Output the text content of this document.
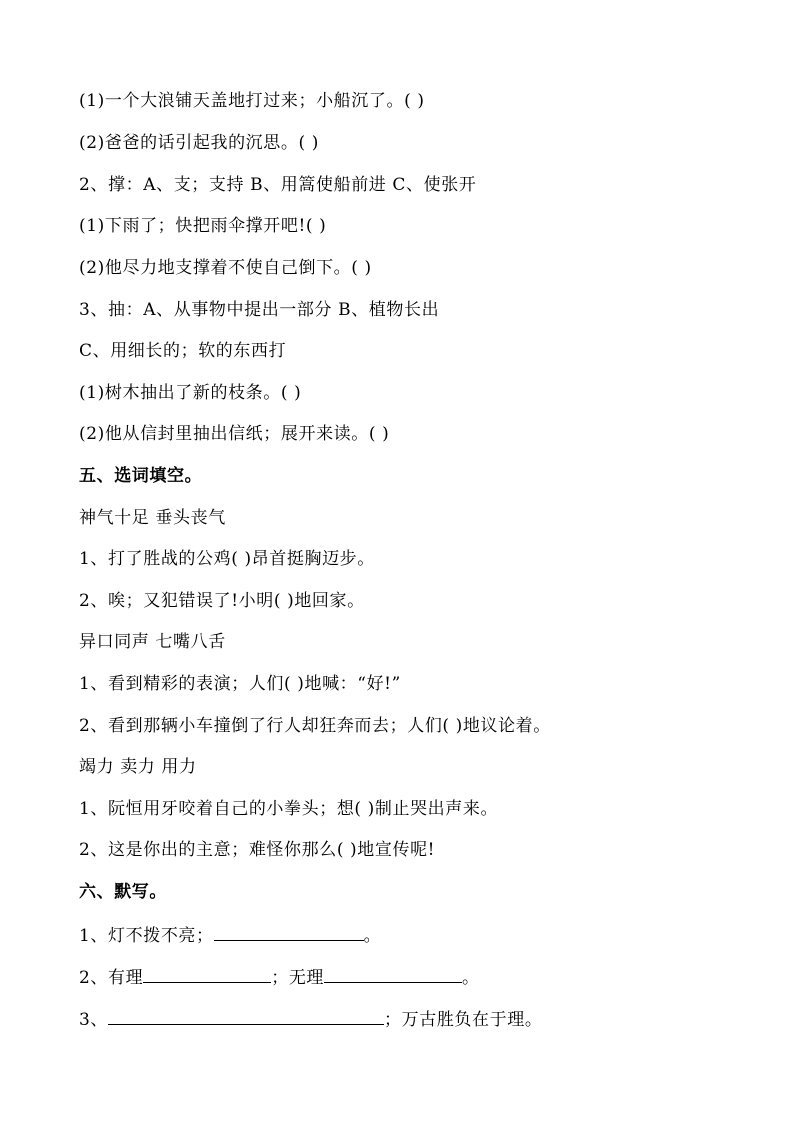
(1)一个大浪铺天盖地打过来；小船沉了。( )
(2)爸爸的话引起我的沉思。( )
2、撑：A、支；支持 B、用篙使船前进 C、使张开
(1)下雨了；快把雨伞撑开吧!( )
(2)他尽力地支撑着不使自己倒下。( )
3、抽：A、从事物中提出一部分 B、植物长出
C、用细长的；软的东西打
(1)树木抽出了新的枝条。( )
(2)他从信封里抽出信纸；展开来读。( )
五、选词填空。
神气十足 垂头丧气
1、打了胜战的公鸡( )昂首挺胸迈步。
2、唉；又犯错误了!小明( )地回家。
异口同声 七嘴八舌
1、看到精彩的表演；人们( )地喊：“好!”
2、看到那辆小车撞倒了行人却狂奔而去；人们( )地议论着。
竭力 卖力 用力
1、阮恒用牙咬着自己的小拳头；想( )制止哭出声来。
2、这是你出的主意；难怪你那么( )地宣传呢!
六、默写。
1、灯不拨不亮；	。
2、有理	；无理	。
3、	；万古胜负在于理。
